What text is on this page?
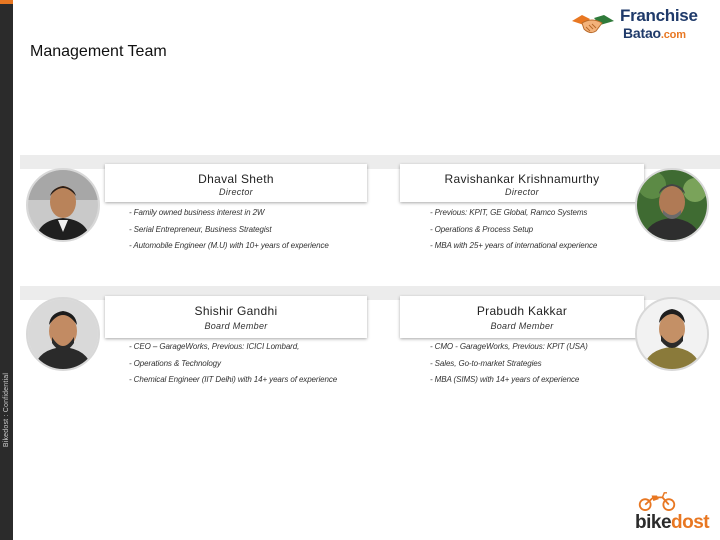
Bikedost : Confidential
Management Team
Franchise
Batao.com
Dhaval Sheth
Director
- Family owned business interest in 2W
- Serial Entrepreneur, Business Strategist
- Automobile Engineer (M.U) with 10+ years of experience
Ravishankar Krishnamurthy
Director
- Previous: KPIT, GE Global, Ramco Systems
- Operations & Process Setup
- MBA with 25+ years of international experience
Shishir Gandhi
Board Member
- CEO – GarageWorks, Previous: ICICI Lombard,
- Operations & Technology
- Chemical Engineer (IIT Delhi) with 14+ years of experience
Prabudh Kakkar
Board Member
- CMO - GarageWorks, Previous: KPIT (USA)
- Sales, Go-to-market Strategies
- MBA (SIMS) with 14+ years of experience
bikedost
